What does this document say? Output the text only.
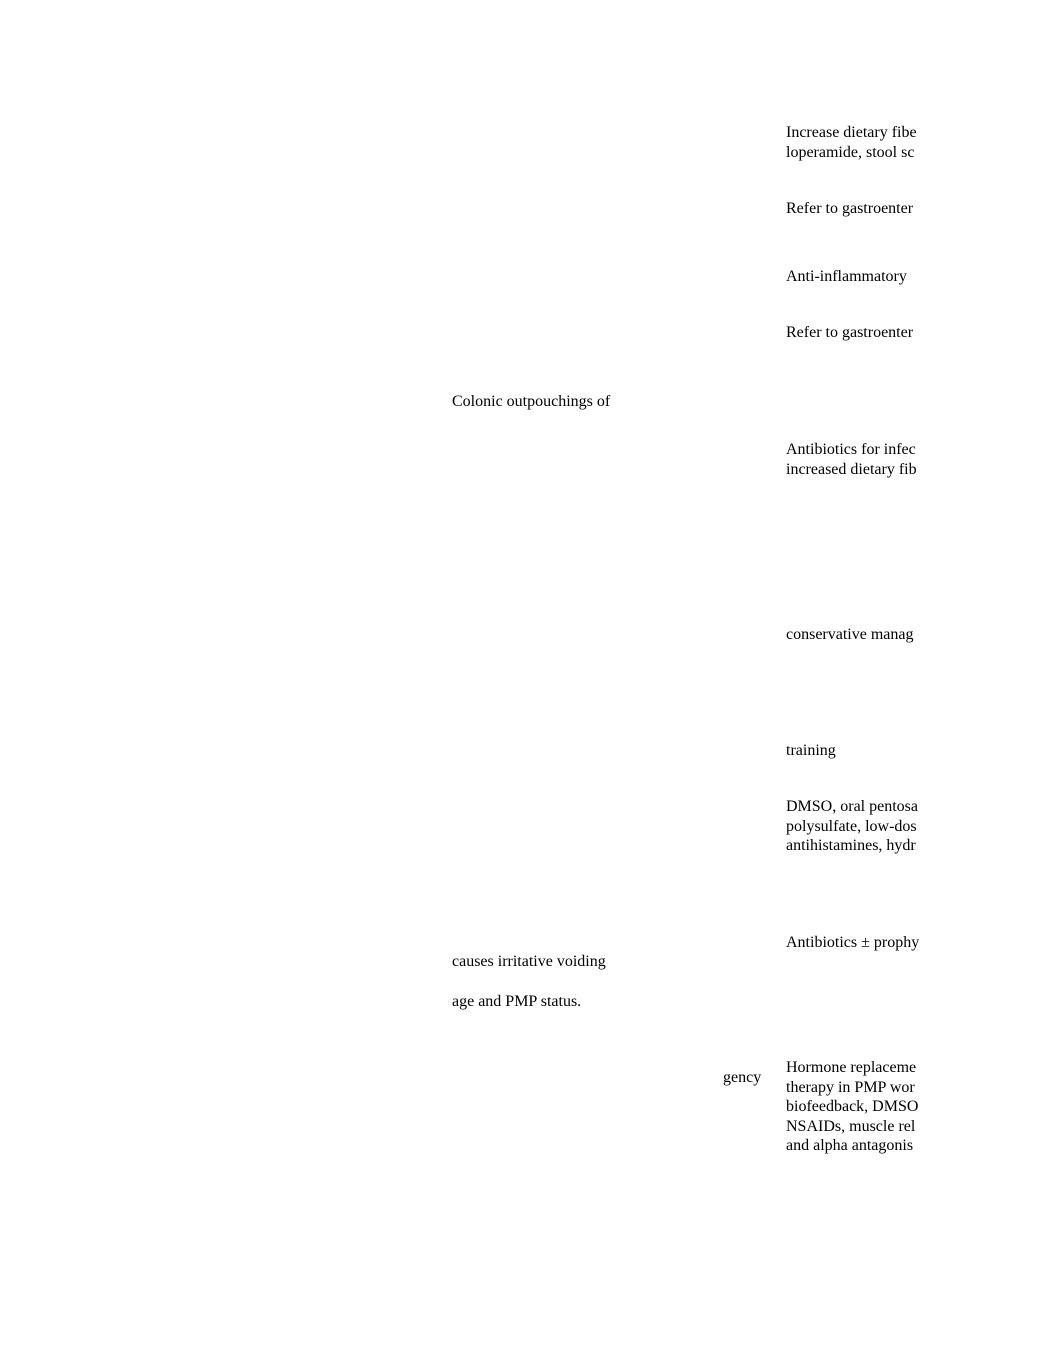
Colonic outpouchings of
causes irritative voiding
age and PMP status.
gency
Increase dietary fibe
loperamide, stool sc
Refer to gastroenter
Anti-inflammatory
Refer to gastroenter
Antibiotics for infec
increased dietary fib
conservative manag
training
DMSO, oral pentosa
polysulfate, low-dos
antihistamines, hydr
Antibiotics ± prophy
Hormone replaceme
therapy in PMP wor
biofeedback, DMSO
NSAIDs, muscle rel
and alpha antagonis
